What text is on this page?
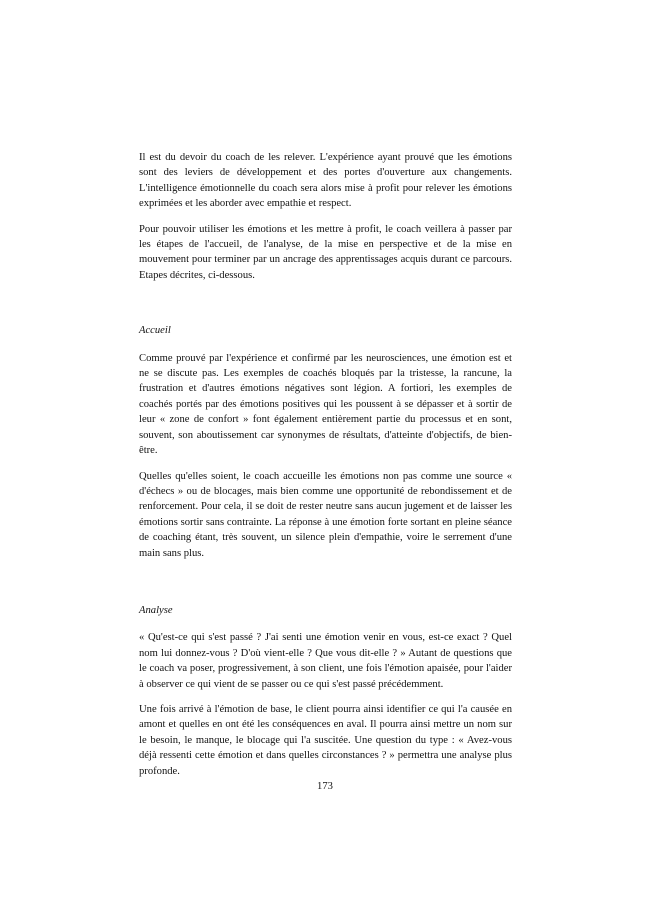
Il est du devoir du coach de les relever. L'expérience ayant prouvé que les émotions sont des leviers de développement et des portes d'ouverture aux changements. L'intelligence émotionnelle du coach sera alors mise à profit pour relever les émotions exprimées et les aborder avec empathie et respect.

Pour pouvoir utiliser les émotions et les mettre à profit, le coach veillera à passer par les étapes de l'accueil, de l'analyse, de la mise en perspective et de la mise en mouvement pour terminer par un ancrage des apprentissages acquis durant ce parcours. Etapes décrites, ci-dessous.

Accueil

Comme prouvé par l'expérience et confirmé par les neurosciences, une émotion est et ne se discute pas. Les exemples de coachés bloqués par la tristesse, la rancune, la frustration et d'autres émotions négatives sont légion. A fortiori, les exemples de coachés portés par des émotions positives qui les poussent à se dépasser et à sortir de leur « zone de confort » font également entièrement partie du processus et en sont, souvent, son aboutissement car synonymes de résultats, d'atteinte d'objectifs, de bien-être.

Quelles qu'elles soient, le coach accueille les émotions non pas comme une source « d'échecs » ou de blocages, mais bien comme une opportunité de rebondissement et de renforcement. Pour cela, il se doit de rester neutre sans aucun jugement et de laisser les émotions sortir sans contrainte. La réponse à une émotion forte sortant en pleine séance de coaching étant, très souvent, un silence plein d'empathie, voire le serrement d'une main sans plus.

Analyse

« Qu'est-ce qui s'est passé ? J'ai senti une émotion venir en vous, est-ce exact ? Quel nom lui donnez-vous ? D'où vient-elle ? Que vous dit-elle ? » Autant de questions que le coach va poser, progressivement, à son client, une fois l'émotion apaisée, pour l'aider à observer ce qui vient de se passer ou ce qui s'est passé précédemment.

Une fois arrivé à l'émotion de base, le client pourra ainsi identifier ce qui l'a causée en amont et quelles en ont été les conséquences en aval. Il pourra ainsi mettre un nom sur le besoin, le manque, le blocage qui l'a suscitée. Une question du type : « Avez-vous déjà ressenti cette émotion et dans quelles circonstances ? » permettra une analyse plus profonde.

173
